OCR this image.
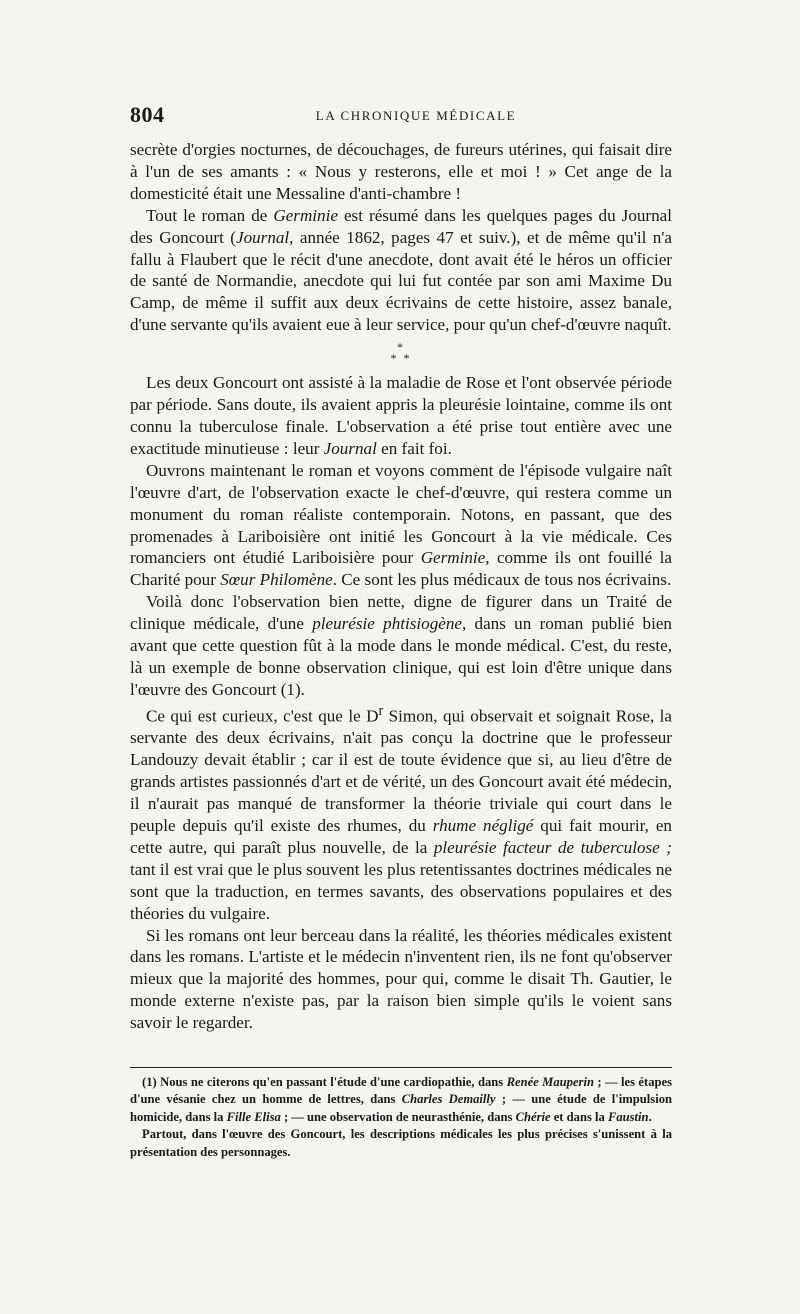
804	LA CHRONIQUE MÉDICALE

secrète d'orgies nocturnes, de découchages, de fureurs utérines, qui faisait dire à l'un de ses amants : « Nous y resterons, elle et moi ! » Cet ange de la domesticité était une Messaline d'anti-chambre !

Tout le roman de Germinie est résumé dans les quelques pages du Journal des Goncourt (Journal, année 1862, pages 47 et suiv.), et de même qu'il n'a fallu à Flaubert que le récit d'une anecdote, dont avait été le héros un officier de santé de Normandie, anecdote qui lui fut contée par son ami Maxime Du Camp, de même il suffit aux deux écrivains de cette histoire, assez banale, d'une servante qu'ils avaient eue à leur service, pour qu'un chef-d'œuvre naquît.

*
* *

Les deux Goncourt ont assisté à la maladie de Rose et l'ont observée période par période. Sans doute, ils avaient appris la pleurésie lointaine, comme ils ont connu la tuberculose finale. L'observation a été prise tout entière avec une exactitude minutieuse : leur Journal en fait foi.

Ouvrons maintenant le roman et voyons comment de l'épisode vulgaire naît l'œuvre d'art, de l'observation exacte le chef-d'œuvre, qui restera comme un monument du roman réaliste contemporain. Notons, en passant, que des promenades à Lariboisière ont initié les Goncourt à la vie médicale. Ces romanciers ont étudié Lariboisière pour Germinie, comme ils ont fouillé la Charité pour Sœur Philomène. Ce sont les plus médicaux de tous nos écrivains.

Voilà donc l'observation bien nette, digne de figurer dans un Traité de clinique médicale, d'une pleurésie phtisiogène, dans un roman publié bien avant que cette question fût à la mode dans le monde médical. C'est, du reste, là un exemple de bonne observation clinique, qui est loin d'être unique dans l'œuvre des Goncourt (1).

Ce qui est curieux, c'est que le $D^r$ Simon, qui observait et soignait Rose, la servante des deux écrivains, n'ait pas conçu la doctrine que le professeur Landouzy devait établir ; car il est de toute évidence que si, au lieu d'être de grands artistes passionnés d'art et de vérité, un des Goncourt avait été médecin, il n'aurait pas manqué de transformer la théorie triviale qui court dans le peuple depuis qu'il existe des rhumes, du rhume négligé qui fait mourir, en cette autre, qui paraît plus nouvelle, de la pleurésie facteur de tuberculose ; tant il est vrai que le plus souvent les plus retentissantes doctrines médicales ne sont que la traduction, en termes savants, des observations populaires et des théories du vulgaire.

Si les romans ont leur berceau dans la réalité, les théories médicales existent dans les romans. L'artiste et le médecin n'inventent rien, ils ne font qu'observer mieux que la majorité des hommes, pour qui, comme le disait Th. Gautier, le monde externe n'existe pas, par la raison bien simple qu'ils le voient sans savoir le regarder.

(1) Nous ne citerons qu'en passant l'étude d'une cardiopathie, dans Renée Mauperin ; — les étapes d'une vésanie chez un homme de lettres, dans Charles Demailly ; — une étude de l'impulsion homicide, dans la Fille Elisa ; — une observation de neurasthénie, dans Chérie et dans la Faustin.

Partout, dans l'œuvre des Goncourt, les descriptions médicales les plus précises s'unissent à la présentation des personnages.
